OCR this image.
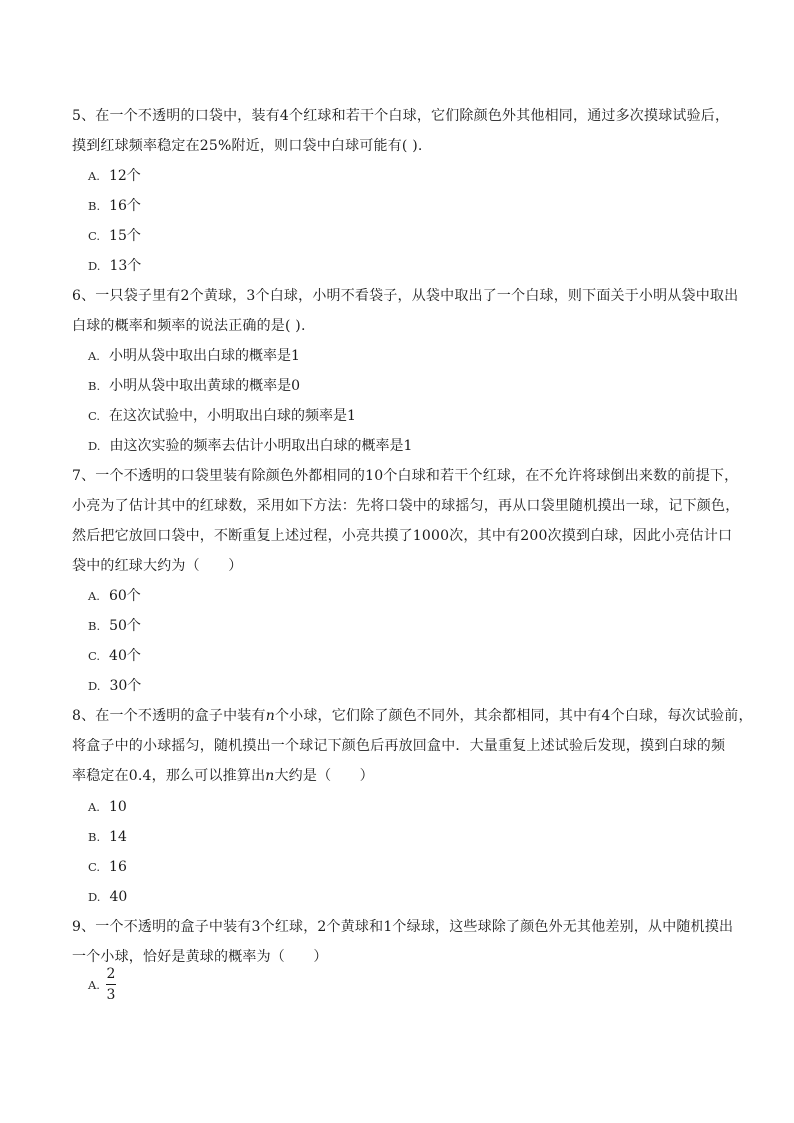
5、在一个不透明的口袋中，装有4个红球和若干个白球，它们除颜色外其他相同，通过多次摸球试验后，
摸到红球频率稳定在25%附近，则口袋中白球可能有( ).
A. 12个
B. 16个
C. 15个
D. 13个
6、一只袋子里有2个黄球，3个白球，小明不看袋子，从袋中取出了一个白球，则下面关于小明从袋中取出
白球的概率和频率的说法正确的是( ).
A. 小明从袋中取出白球的概率是1
B. 小明从袋中取出黄球的概率是0
C. 在这次试验中，小明取出白球的频率是1
D. 由这次实验的频率去估计小明取出白球的概率是1
7、一个不透明的口袋里装有除颜色外都相同的10个白球和若干个红球，在不允许将球倒出来数的前提下，
小亮为了估计其中的红球数，采用如下方法：先将口袋中的球摇匀，再从口袋里随机摸出一球，记下颜色，
然后把它放回口袋中，不断重复上述过程，小亮共摸了1000次，其中有200次摸到白球，因此小亮估计口
袋中的红球大约为（　　）
A. 60个
B. 50个
C. 40个
D. 30个
8、在一个不透明的盒子中装有n个小球，它们除了颜色不同外，其余都相同，其中有4个白球，每次试验前，
将盒子中的小球摇匀，随机摸出一个球记下颜色后再放回盒中．大量重复上述试验后发现，摸到白球的频
率稳定在0.4，那么可以推算出n大约是（　　）
A. 10
B. 14
C. 16
D. 40
9、一个不透明的盒子中装有3个红球，2个黄球和1个绿球，这些球除了颜色外无其他差别，从中随机摸出
一个小球，恰好是黄球的概率为（　　）
A.
2
3
